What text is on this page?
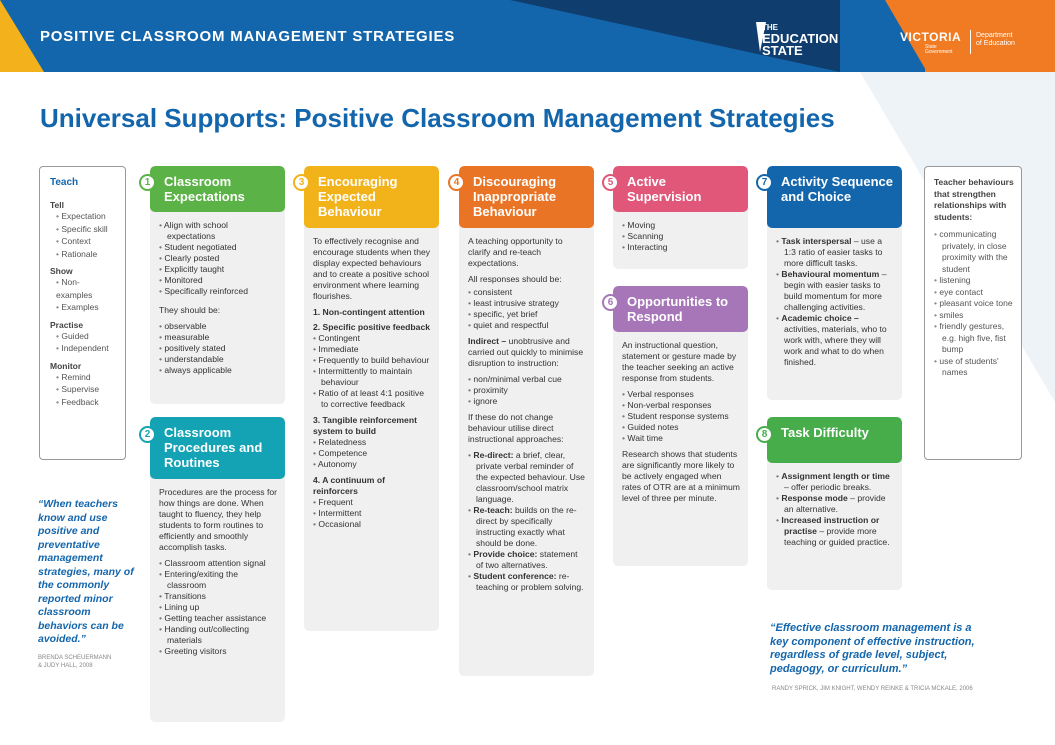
POSITIVE CLASSROOM MANAGEMENT STRATEGIES
THE
EDUCATION
STATE
VICTORIA
State
Government
Department
of Education
Universal Supports: Positive Classroom Management Strategies
Teach
Tell
• Expectation
• Specific skill
• Context
• Rationale
Show
• Non-examples
• Examples
Practise
• Guided
• Independent
Monitor
• Remind
• Supervise
• Feedback
Teacher behaviours that strengthen relationships with students:
• communicating privately, in close proximity with the student
• listening
• eye contact
• pleasant voice tone
• smiles
• friendly gestures, e.g. high five, fist bump
• use of students' names
Classroom Expectations
• Align with school expectations
• Student negotiated
• Clearly posted
• Explicitly taught
• Monitored
• Specifically reinforced

They should be:

• observable
• measurable
• positively stated
• understandable
• always applicable
1
Classroom Procedures and Routines

Procedures are the process for how things are done. When taught to fluency, they help students to form routines to efficiently and smoothly accomplish tasks.

• Classroom attention signal
• Entering/exiting the classroom
• Transitions
• Lining up
• Getting teacher assistance
• Handing out/collecting materials
• Greeting visitors
2
Encouraging Expected Behaviour

To effectively recognise and encourage students when they display expected behaviours and to create a positive school environment where learning flourishes.

1. Non-contingent attention
2. Specific positive feedback
• Contingent
• Immediate
• Frequently to build behaviour
• Intermittently to maintain behaviour
• Ratio of at least 4:1 positive to corrective feedback
3. Tangible reinforcement system to build
• Relatedness
• Competence
• Autonomy
4. A continuum of reinforcers
• Frequent
• Intermittent
• Occasional
3	Discouraging Inappropriate Behaviour

A teaching opportunity to clarify and re-teach expectations.

All responses should be:

• consistent
• least intrusive strategy
• specific, yet brief
• quiet and respectful

Indirect – unobtrusive and carried out quickly to minimise disruption to instruction:

• non/minimal verbal cue
• proximity
• ignore

If these do not change behaviour utilise direct instructional approaches:

• Re-direct: a brief, clear, private verbal reminder of the expected behaviour. Use classroom/school matrix language.
• Re-teach: builds on the re-direct by specifically instructing exactly what should be done.
• Provide choice: statement of two alternatives.
• Student conference: re-teaching or problem solving.
4	Active Supervision
• Moving
• Scanning
• Interacting
5
Opportunities to Respond

An instructional question, statement or gesture made by the teacher seeking an active response from students.

• Verbal responses
• Non-verbal responses
• Student response systems
• Guided notes
• Wait time

Research shows that students are significantly more likely to be actively engaged when rates of OTR are at a minimum level of three per minute.

6
Activity Sequence and Choice
• Task interspersal – use a 1:3 ratio of easier tasks to more difficult tasks.
• Behavioural momentum – begin with easier tasks to build momentum for more challenging activities.
• Academic choice – activities, materials, who to work with, where they will work and what to do when finished.
7
Task Difficulty
• Assignment length or time – offer periodic breaks.
• Response mode – provide an alternative.
• Increased instruction or practise – provide more teaching or guided practice.
8
“When teachers know and use positive and preventative management strategies, many of the commonly reported minor classroom behaviors can be avoided.”
BRENDA SCHEUERMANN
& JUDY HALL, 2008
“Effective classroom management is a key component of effective instruction, regardless of grade level, subject, pedagogy, or curriculum.”
RANDY SPRICK, JIM KNIGHT, WENDY REINKE & TRICIA MCKALE, 2006
